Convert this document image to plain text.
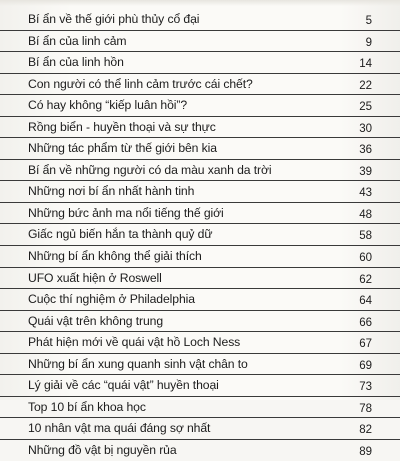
Bí ẩn về thế giới phù thủy cổ đại	5
Bí ẩn của linh cảm	9
Bí ẩn của linh hồn	14
Con người có thể linh cảm trước cái chết?	22
Có hay không “kiếp luân hồi”?	25
Rồng biển - huyền thoại và sự thực	30
Những tác phẩm từ thế giới bên kia	36
Bí ẩn về những người có da màu xanh da trời	39
Những nơi bí ẩn nhất hành tinh	43
Những bức ảnh ma nổi tiếng thế giới	48
Giấc ngủ biến hắn ta thành quỷ dữ	58
Những bí ẩn không thể giải thích	60
UFO xuất hiện ở Roswell	62
Cuộc thí nghiệm ở Philadelphia	64
Quái vật trên không trung	66
Phát hiện mới về quái vật hồ Loch Ness	67
Những bí ẩn xung quanh sinh vật chân to	69
Lý giải về các “quái vật” huyền thoại	73
Top 10 bí ẩn khoa học	78
10 nhân vật ma quái đáng sợ nhất	82
Những đồ vật bị nguyền rủa	89
